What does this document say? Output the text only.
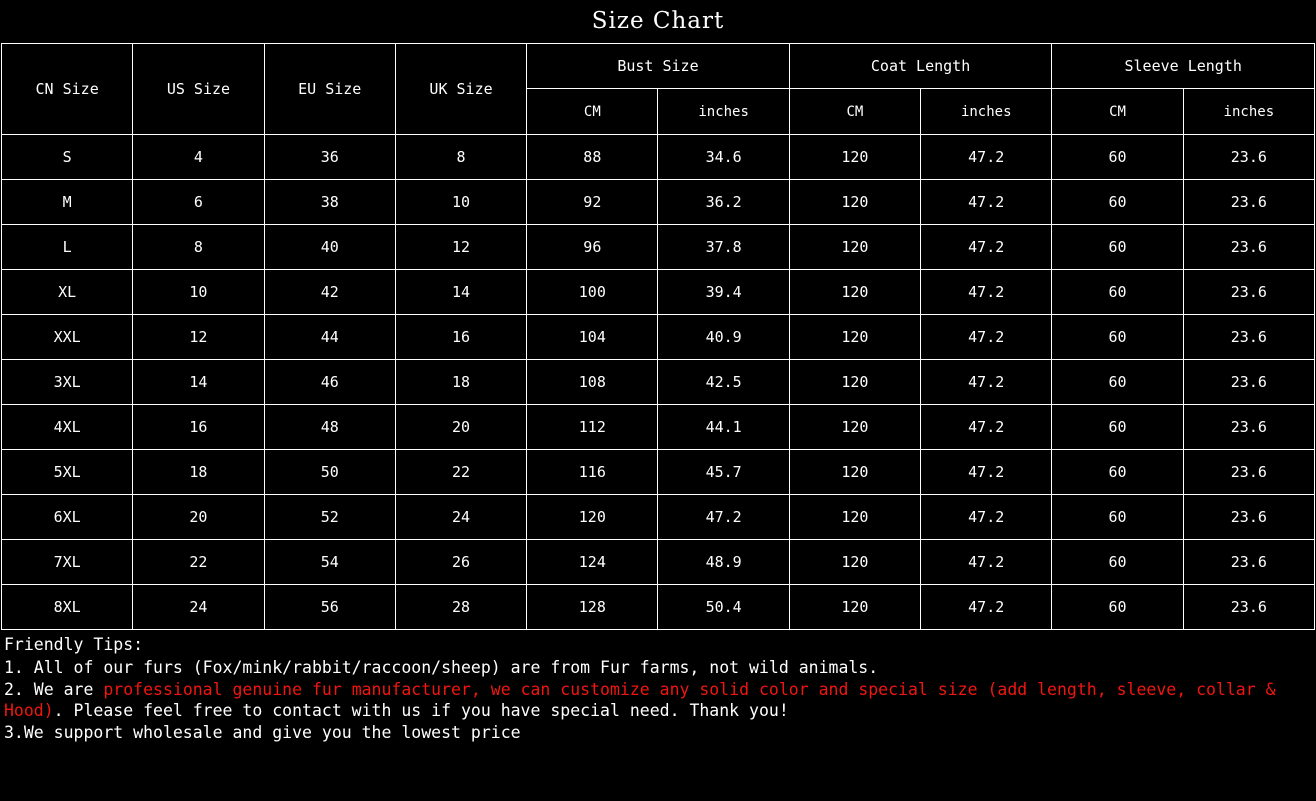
Size Chart
CN Size	US Size	EU Size	UK Size	Bust Size		Coat Length		Sleeve Length	
				CM	inches	CM	inches	CM	inches
S	4	36	8	88	34.6	120	47.2	60	23.6
M	6	38	10	92	36.2	120	47.2	60	23.6
L	8	40	12	96	37.8	120	47.2	60	23.6
XL	10	42	14	100	39.4	120	47.2	60	23.6
XXL	12	44	16	104	40.9	120	47.2	60	23.6
3XL	14	46	18	108	42.5	120	47.2	60	23.6
4XL	16	48	20	112	44.1	120	47.2	60	23.6
5XL	18	50	22	116	45.7	120	47.2	60	23.6
6XL	20	52	24	120	47.2	120	47.2	60	23.6
7XL	22	54	26	124	48.9	120	47.2	60	23.6
8XL	24	56	28	128	50.4	120	47.2	60	23.6
Friendly Tips:
1. All of our furs (Fox/mink/rabbit/raccoon/sheep) are from Fur farms, not wild animals.
2. We are professional genuine fur manufacturer, we can customize any solid color and special size (add length, sleeve, collar & Hood). Please feel free to contact with us if you have special need. Thank you!
3.We support wholesale and give you the lowest price
